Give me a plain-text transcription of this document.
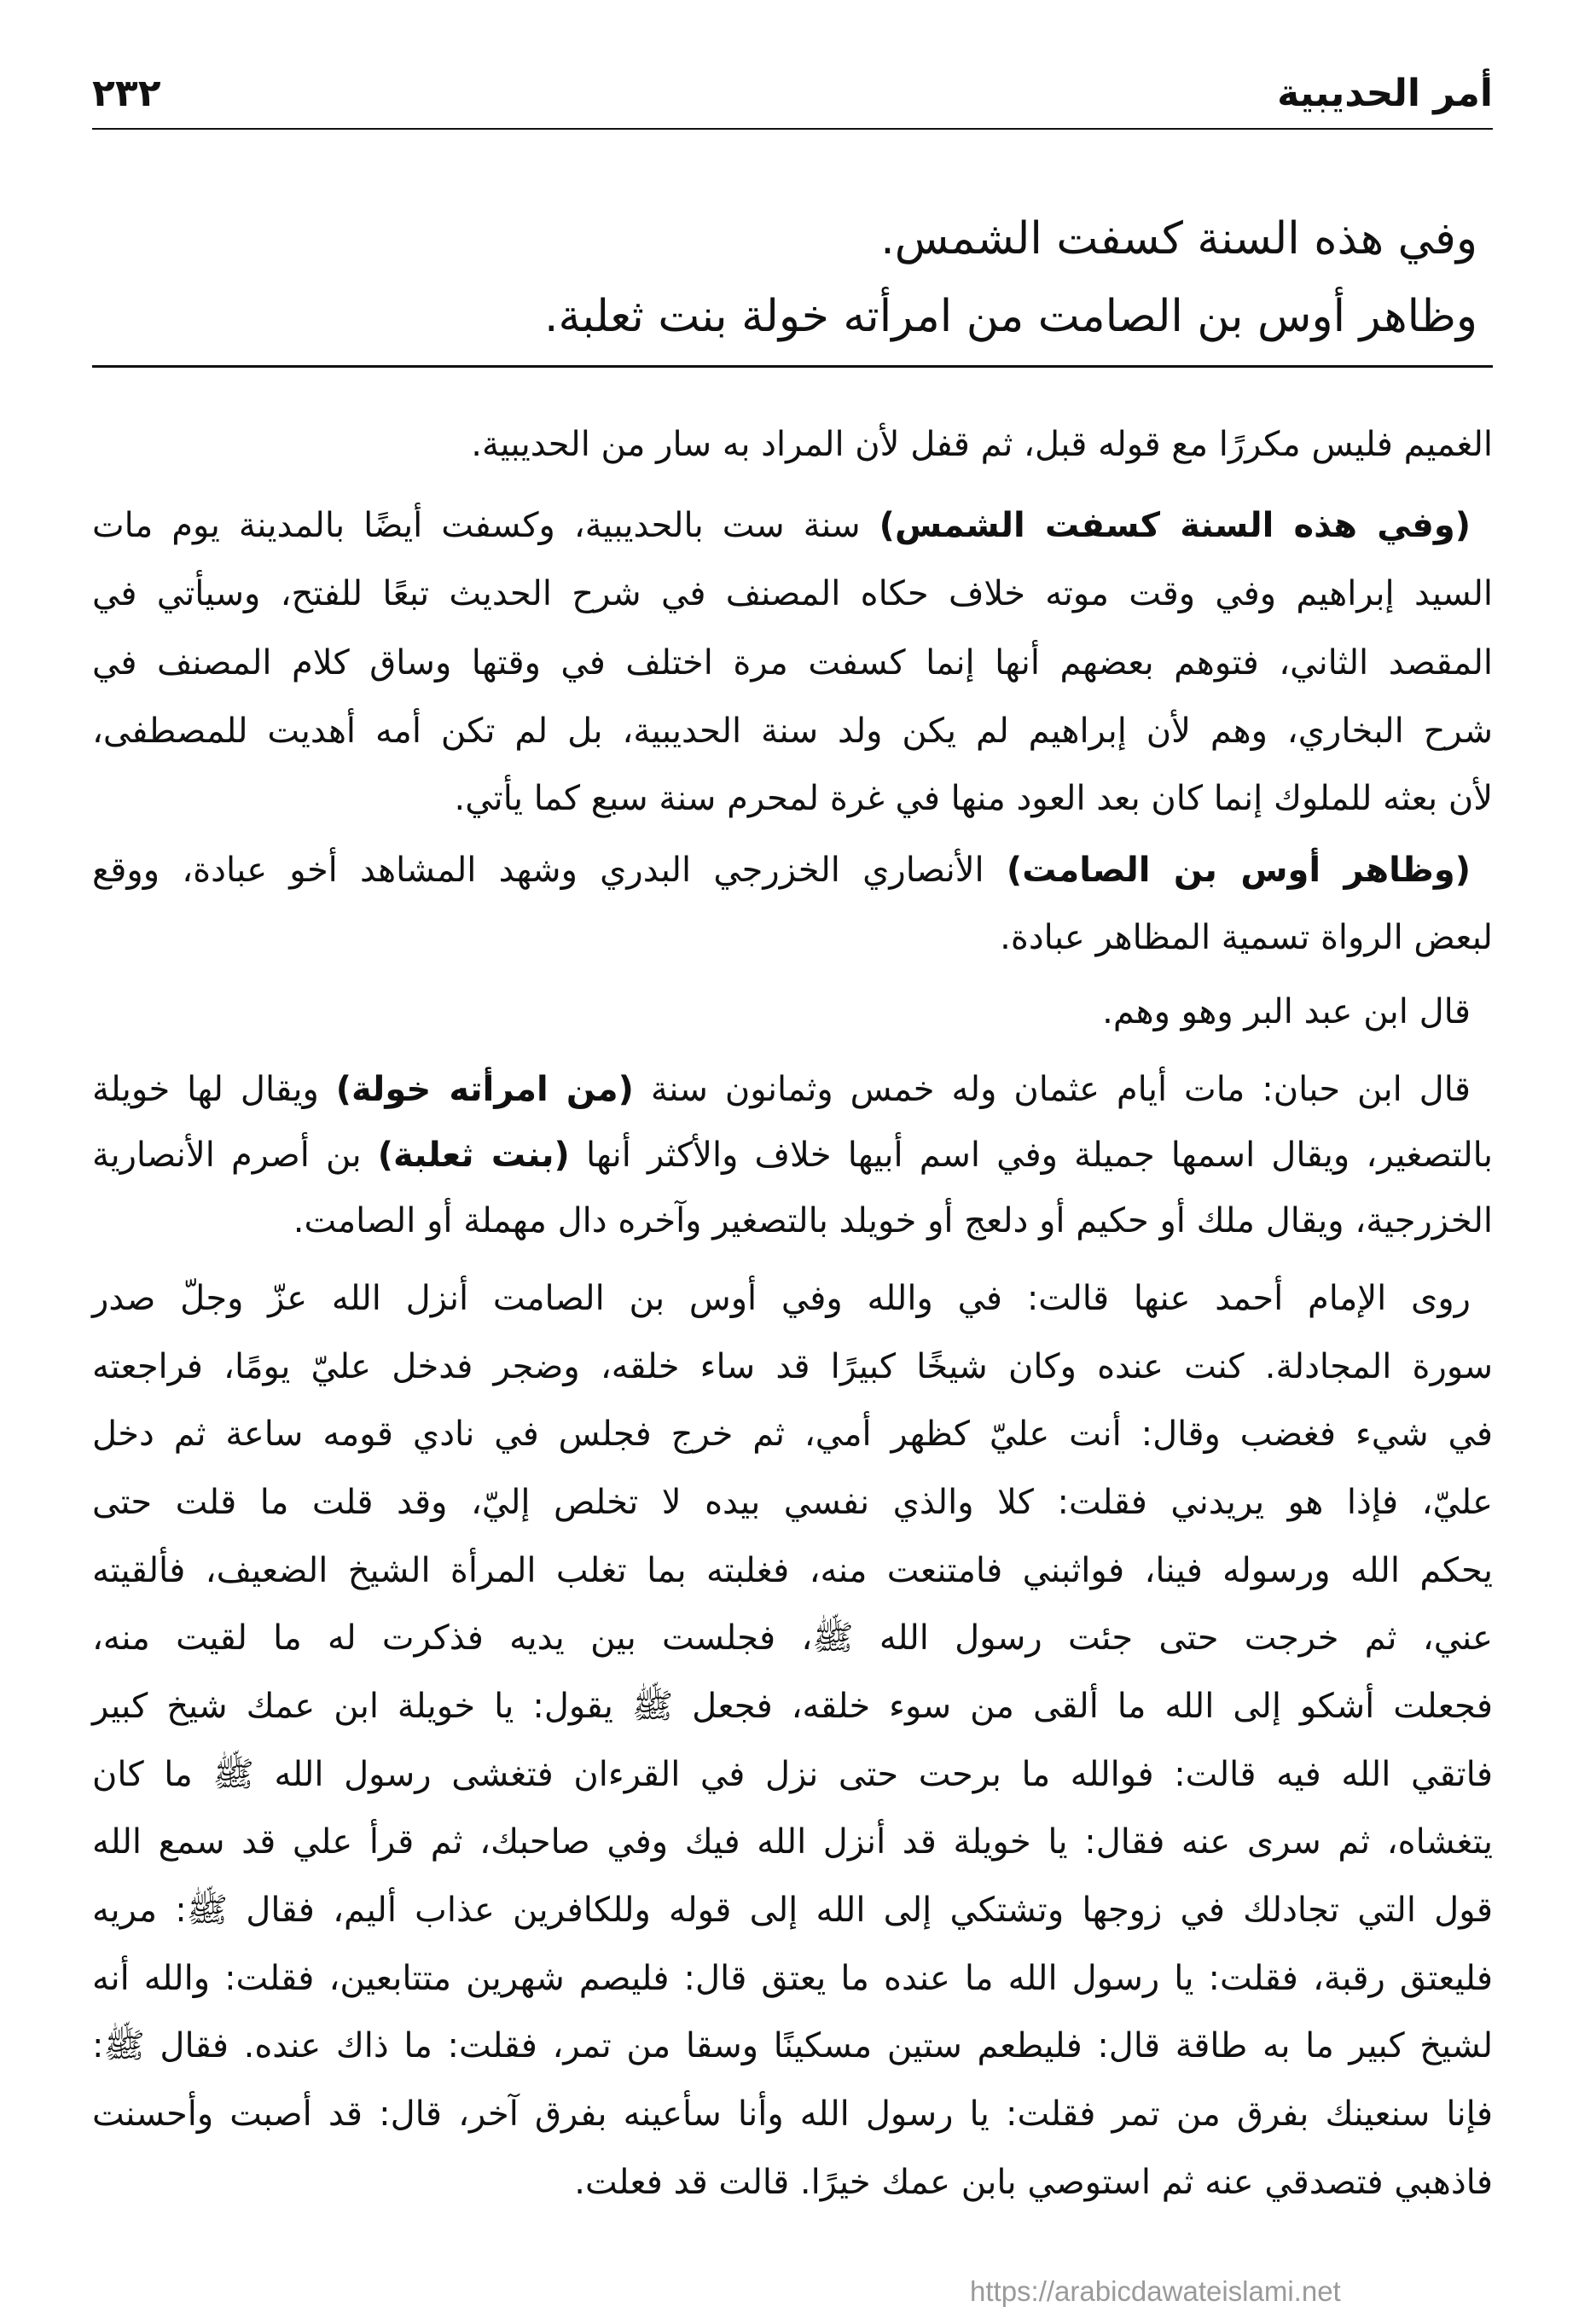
٢٣٢	أمر الحديبية
وفي هذه السنة كسفت الشمس.
وظاهر أوس بن الصامت من امرأته خولة بنت ثعلبة.
الغميم فليس مكررًا مع قوله قبل، ثم قفل لأن المراد به سار من الحديبية.
(وفي هذه السنة كسفت الشمس) سنة ست بالحديبية، وكسفت أيضًا بالمدينة يوم مات
السيد إبراهيم وفي وقت موته خلاف حكاه المصنف في شرح الحديث تبعًا للفتح، وسيأتي في
المقصد الثاني، فتوهم بعضهم أنها إنما كسفت مرة اختلف في وقتها وساق كلام المصنف في
شرح البخاري، وهم لأن إبراهيم لم يكن ولد سنة الحديبية، بل لم تكن أمه أهديت للمصطفى،
لأن بعثه للملوك إنما كان بعد العود منها في غرة لمحرم سنة سبع كما يأتي.
(وظاهر أوس بن الصامت) الأنصاري الخزرجي البدري وشهد المشاهد أخو عبادة، ووقع
لبعض الرواة تسمية المظاهر عبادة.
قال ابن عبد البر وهو وهم.
قال ابن حبان: مات أيام عثمان وله خمس وثمانون سنة (من امرأته خولة) ويقال لها خويلة
بالتصغير، ويقال اسمها جميلة وفي اسم أبيها خلاف والأكثر أنها (بنت ثعلبة) بن أصرم الأنصارية
الخزرجية، ويقال ملك أو حكيم أو دلعج أو خويلد بالتصغير وآخره دال مهملة أو الصامت.
روى الإمام أحمد عنها قالت: في والله وفي أوس بن الصامت أنزل الله عزّ وجلّ صدر
سورة المجادلة. كنت عنده وكان شيخًا كبيرًا قد ساء خلقه، وضجر فدخل عليّ يومًا، فراجعته
في شيء فغضب وقال: أنت عليّ كظهر أمي، ثم خرج فجلس في نادي قومه ساعة ثم دخل
عليّ، فإذا هو يريدني فقلت: كلا والذي نفسي بيده لا تخلص إليّ، وقد قلت ما قلت حتى
يحكم الله ورسوله فينا، فواثبني فامتنعت منه، فغلبته بما تغلب المرأة الشيخ الضعيف، فألقيته
عني، ثم خرجت حتى جئت رسول الله ﷺ، فجلست بين يديه فذكرت له ما لقيت منه،
فجعلت أشكو إلى الله ما ألقى من سوء خلقه، فجعل ﷺ يقول: يا خويلة ابن عمك شيخ كبير
فاتقي الله فيه قالت: فوالله ما برحت حتى نزل في القرءان فتغشى رسول الله ﷺ ما كان
يتغشاه، ثم سرى عنه فقال: يا خويلة قد أنزل الله فيك وفي صاحبك، ثم قرأ علي قد سمع الله
قول التي تجادلك في زوجها وتشتكي إلى الله إلى قوله وللكافرين عذاب أليم، فقال ﷺ: مريه
فليعتق رقبة، فقلت: يا رسول الله ما عنده ما يعتق قال: فليصم شهرين متتابعين، فقلت: والله أنه
لشيخ كبير ما به طاقة قال: فليطعم ستين مسكينًا وسقا من تمر، فقلت: ما ذاك عنده. فقال ﷺ:
فإنا سنعينك بفرق من تمر فقلت: يا رسول الله وأنا سأعينه بفرق آخر، قال: قد أصبت وأحسنت
فاذهبي فتصدقي عنه ثم استوصي بابن عمك خيرًا. قالت قد فعلت.
https://arabicdawateislami.net
